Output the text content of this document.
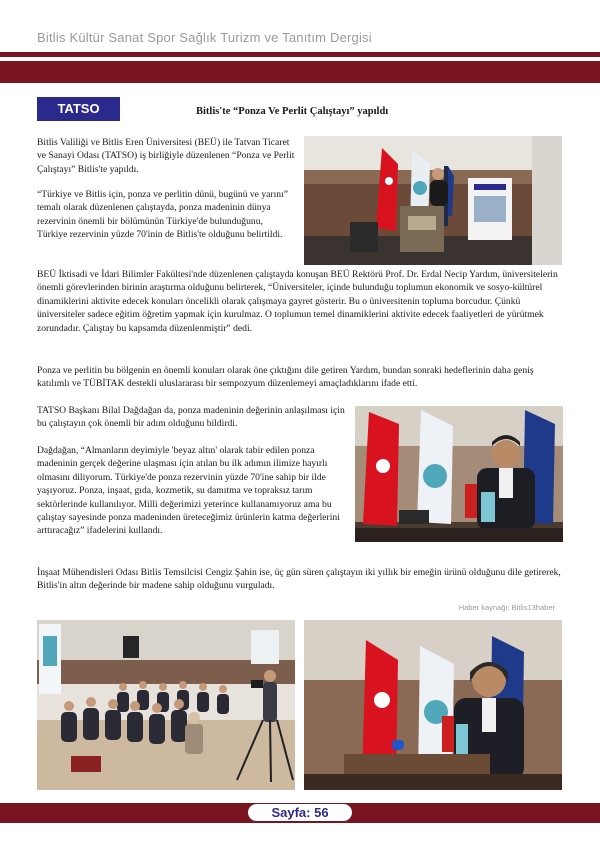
Bitlis Kültür Sanat Spor Sağlık Turizm ve Tanıtım Dergisi
TATSO	Bitlis'te “Ponza Ve Perlit Çalıştayı” yapıldı

Bitlis Valiliği ve Bitlis Eren Üniversitesi (BEÜ) ile Tatvan Ticaret ve Sanayi Odası (TATSO) iş birliğiyle düzenlenen “Ponza ve Perlit Çalıştayı” Bitlis'te yapıldı.

“Türkiye ve Bitlis için, ponza ve perlitin dünü, bugünü ve yarını” temalı olarak düzenlenen çalıştayda, ponza madeninin dünya rezervinin önemli bir bölümünün Türkiye'de bulunduğunu, Türkiye rezervinin yüzde 70'inin de Bitlis'te olduğunu belirtildi.

BEÜ İktisadi ve İdari Bilimler Fakültesi'nde düzenlenen çalıştayda konuşan BEÜ Rektörü Prof. Dr. Erdal Necip Yardım, üniversitelerin önemli görevlerinden birinin araştırma olduğunu belirterek, “Üniversiteler, içinde bulunduğu toplumun ekonomik ve sosyo-kültürel dinamiklerini aktivite edecek konuları öncelikli olarak çalışmaya gayret gösterir. Bu o üniversitenin topluma borcudur. Çünkü üniversiteler sadece eğitim öğretim yapmak için kurulmaz. O toplumun temel dinamiklerini aktivite edecek faaliyetleri de yürütmek zorundadır. Çalıştay bu kapsamda düzenlenmiştir” dedi.

Ponza ve perlitin bu bölgenin en önemli konuları olarak öne çıktığını dile getiren Yardım, bundan sonraki hedeflerinin daha geniş katılımlı ve TÜBİTAK destekli uluslararası bir sempozyum düzenlemeyi amaçladıklarını ifade etti.

TATSO Başkanı Bilal Dağdağan da, ponza madeninin değerinin anlaşılması için bu çalıştayın çok önemli bir adım olduğunu bildirdi.

Dağdağan, “Almanların deyimiyle 'beyaz altın' olarak tabir edilen ponza madeninin gerçek değerine ulaşması için atılan bu ilk adımın ilimize hayırlı olmasını diliyorum. Türkiye'de ponza rezervinin yüzde 70'ine sahip bir ilde yaşıyoruz. Ponza, inşaat, gıda, kozmetik, su damıtma ve topraksız tarım sektörlerinde kullanılıyor. Milli değerimizi yeterince kullanamıyoruz ama bu çalıştay sayesinde ponza madeninden üreteceğimiz ürünlerin katma değerlerini arttıracağız” ifadelerini kullandı.

İnşaat Mühendisleri Odası Bitlis Temsilcisi Cengiz Şahin ise, üç gün süren çalıştayın iki yıllık bir emeğin ürünü olduğunu dile getirerek, Bitlis'in altın değerinde bir madene sahip olduğunu vurguladı.

Haber kaynağı: Bitlis13haber
Sayfa: 56
